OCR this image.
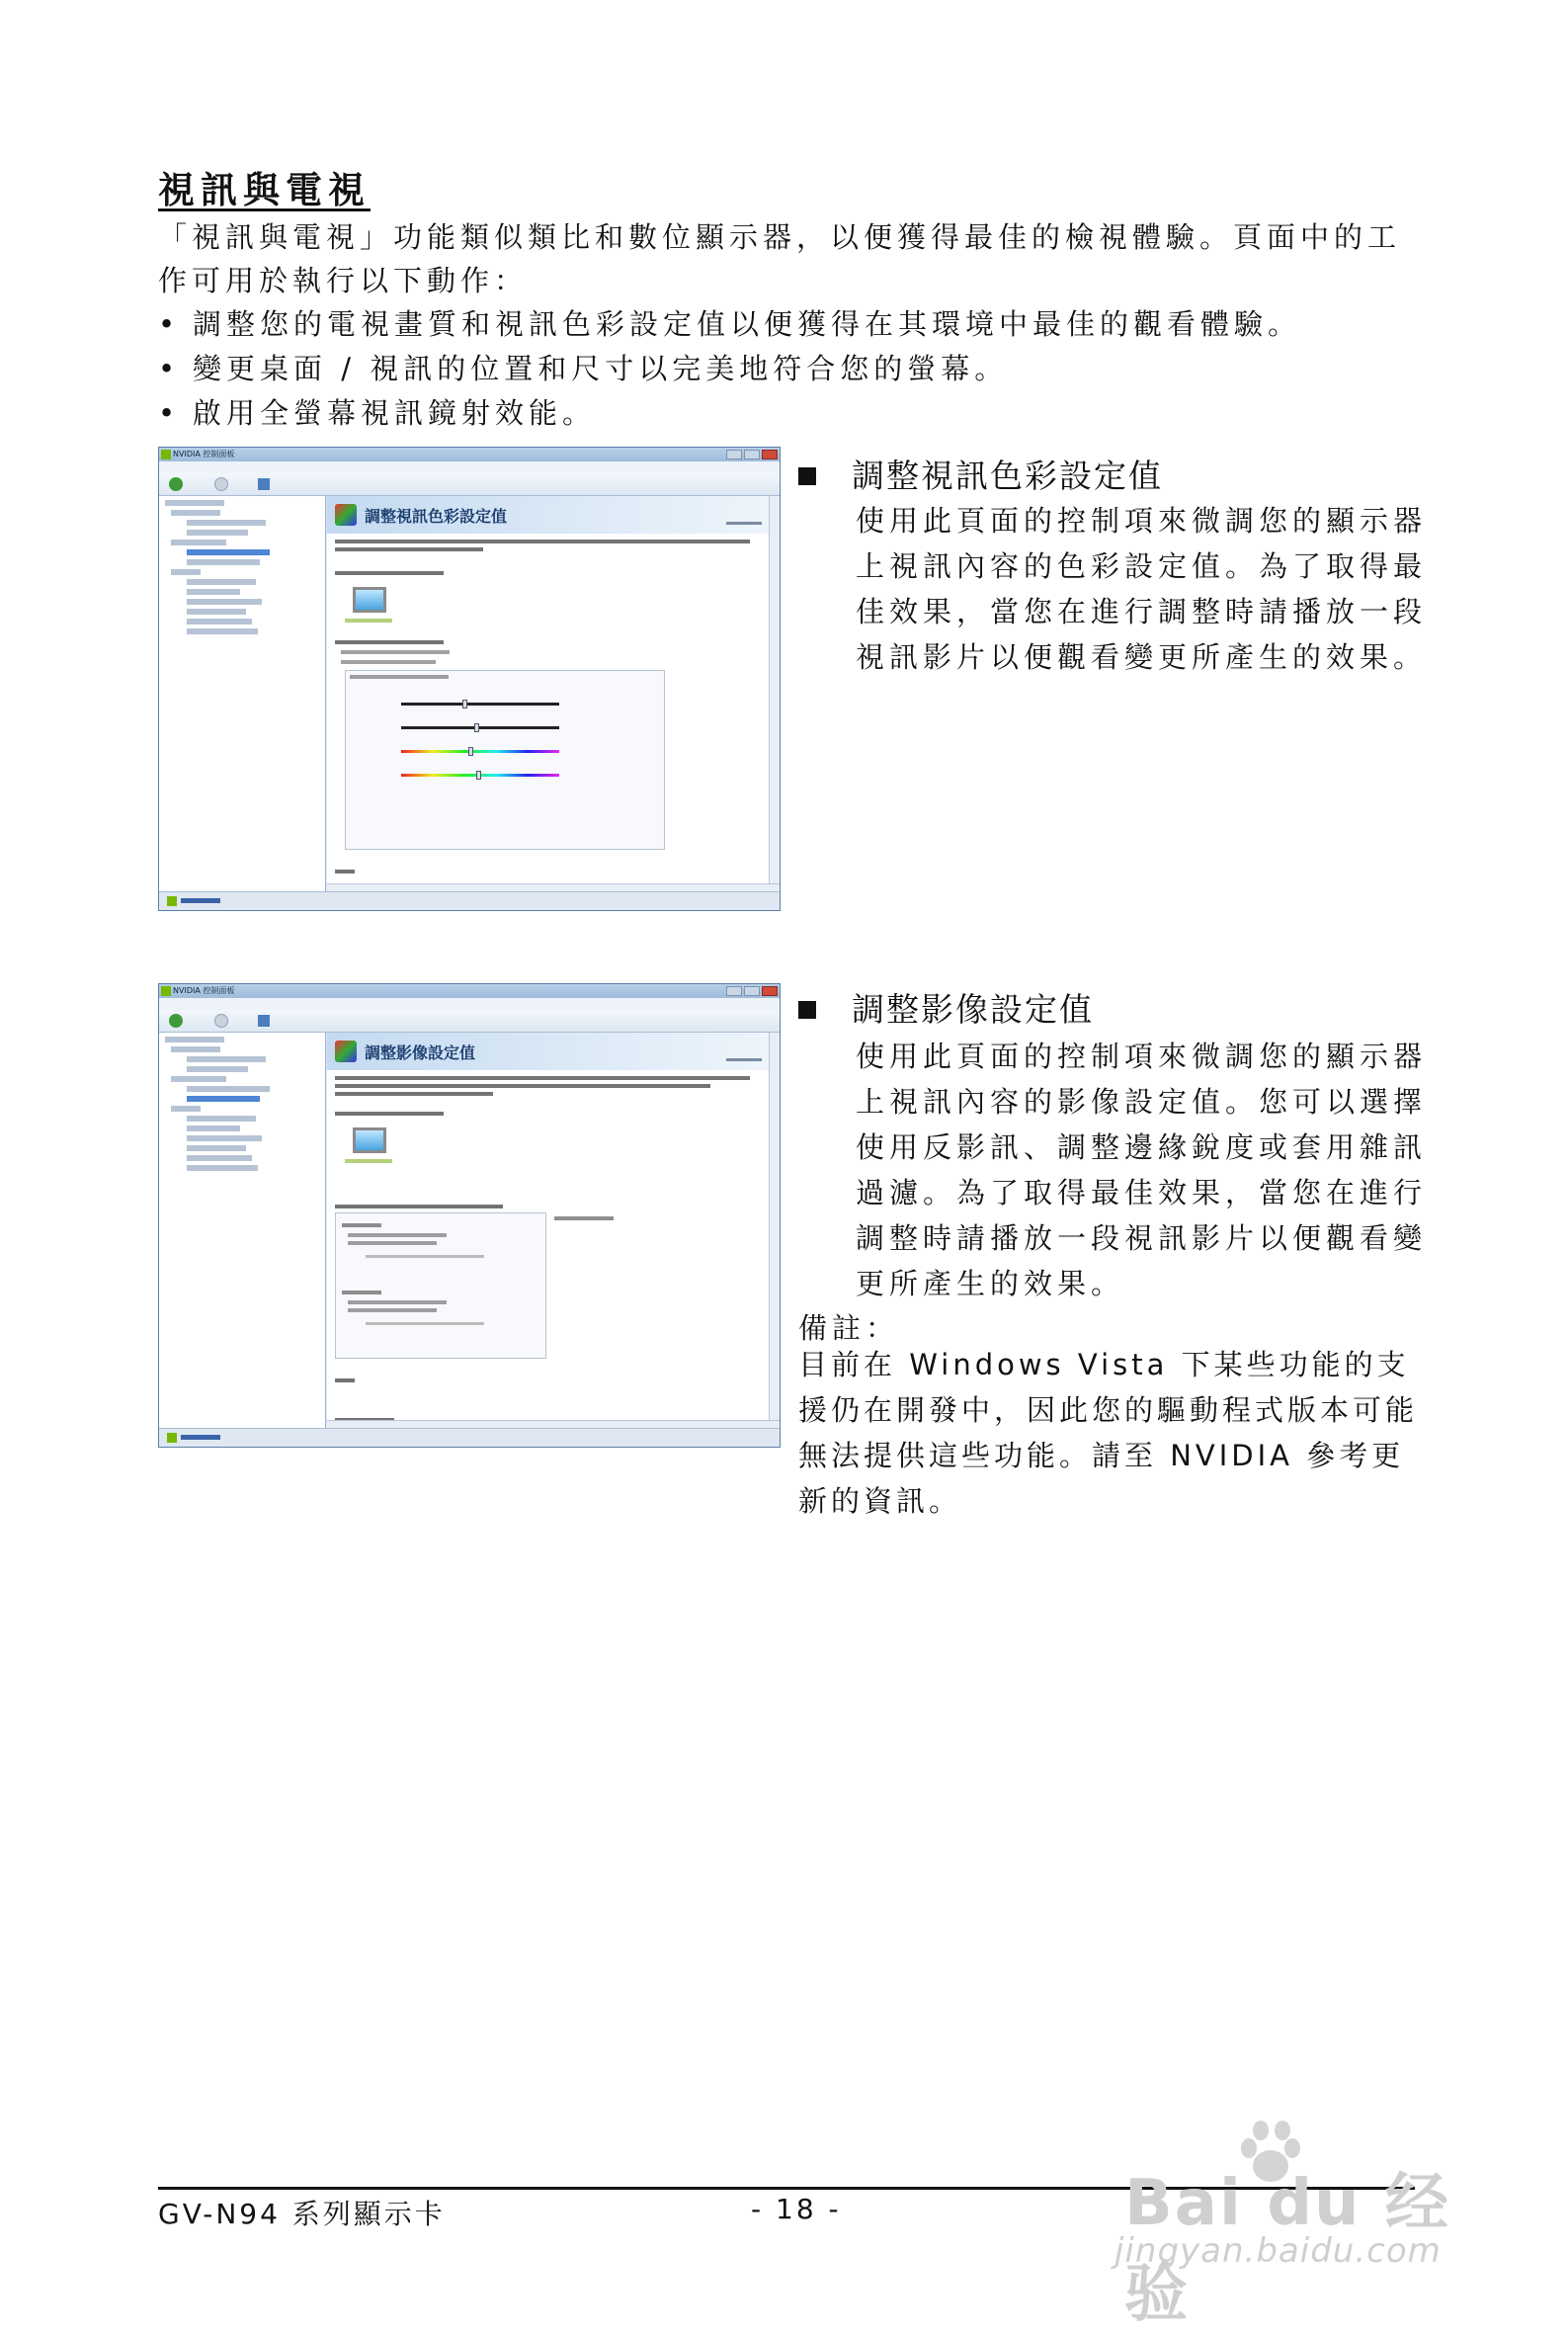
視訊與電視
「視訊與電視」功能類似類比和數位顯示器，以便獲得最佳的檢視體驗。頁面中的工作可用於執行以下動作：
• 調整您的電視畫質和視訊色彩設定值以便獲得在其環境中最佳的觀看體驗。
• 變更桌面 / 視訊的位置和尺寸以完美地符合您的螢幕。
• 啟用全螢幕視訊鏡射效能。
NVIDIA 控制面板
調整視訊色彩設定值
調整視訊色彩設定值
使用此頁面的控制項來微調您的顯示器上視訊內容的色彩設定值。為了取得最佳效果，當您在進行調整時請播放一段視訊影片以便觀看變更所產生的效果。
NVIDIA 控制面板
調整影像設定值
調整影像設定值
使用此頁面的控制項來微調您的顯示器上視訊內容的影像設定值。您可以選擇使用反影訊、調整邊緣銳度或套用雜訊過濾。為了取得最佳效果，當您在進行調整時請播放一段視訊影片以便觀看變更所產生的效果。
備註：
目前在 Windows Vista 下某些功能的支援仍在開發中，因此您的驅動程式版本可能無法提供這些功能。請至 NVIDIA 參考更新的資訊。
GV-N94 系列顯示卡	- 18 -	Bai du 经验
jingyan.baidu.com
